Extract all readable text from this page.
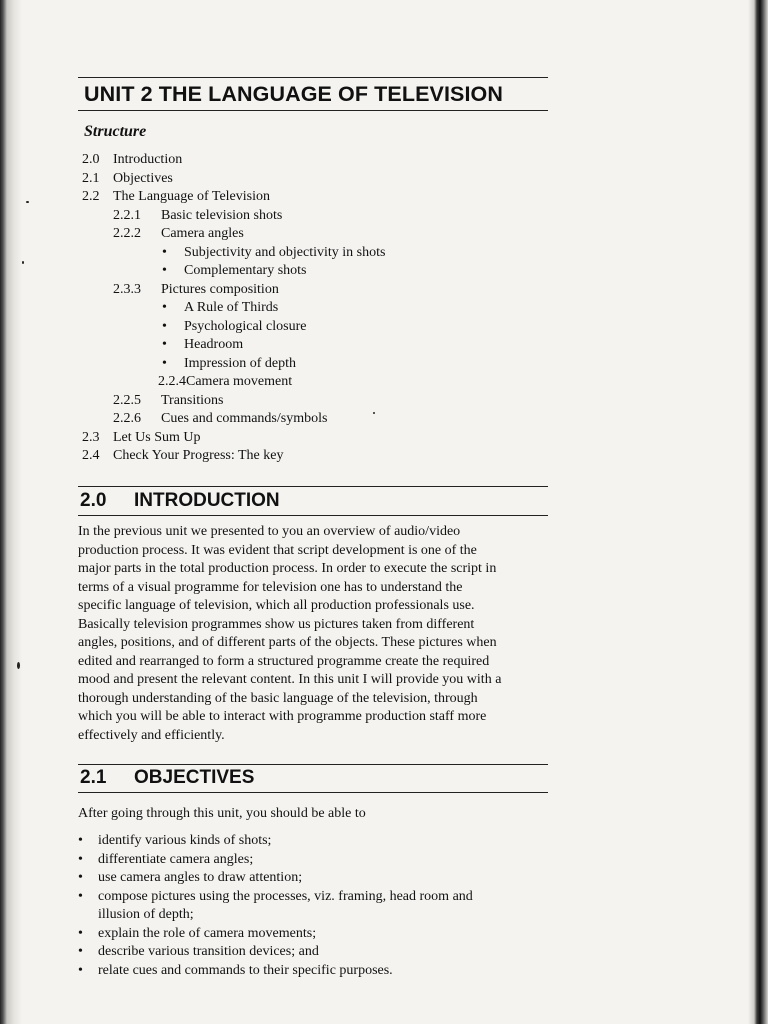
UNIT 2 THE LANGUAGE OF TELEVISION
Structure
2.0 Introduction
2.1 Objectives
2.2 The Language of Television
2.2.1 Basic television shots
2.2.2 Camera angles
• Subjectivity and objectivity in shots
• Complementary shots
2.3.3 Pictures composition
• A Rule of Thirds
• Psychological closure
• Headroom
• Impression of depth
2.2.4Camera movement
2.2.5 Transitions
2.2.6 Cues and commands/symbols
2.3 Let Us Sum Up
2.4 Check Your Progress: The key
2.0 INTRODUCTION
In the previous unit we presented to you an overview of audio/video
production process. It was evident that script development is one of the
major parts in the total production process. In order to execute the script in
terms of a visual programme for television one has to understand the
specific language of television, which all production professionals use.
Basically television programmes show us pictures taken from different
angles, positions, and of different parts of the objects. These pictures when
edited and rearranged to form a structured programme create the required
mood and present the relevant content. In this unit I will provide you with a
thorough understanding of the basic language of the television, through
which you will be able to interact with programme production staff more
effectively and efficiently.
2.1 OBJECTIVES
After going through this unit, you should be able to
• identify various kinds of shots;
• differentiate camera angles;
• use camera angles to draw attention;
• compose pictures using the processes, viz. framing, head room and
illusion of depth;
• explain the role of camera movements;
• describe various transition devices; and
• relate cues and commands to their specific purposes.
